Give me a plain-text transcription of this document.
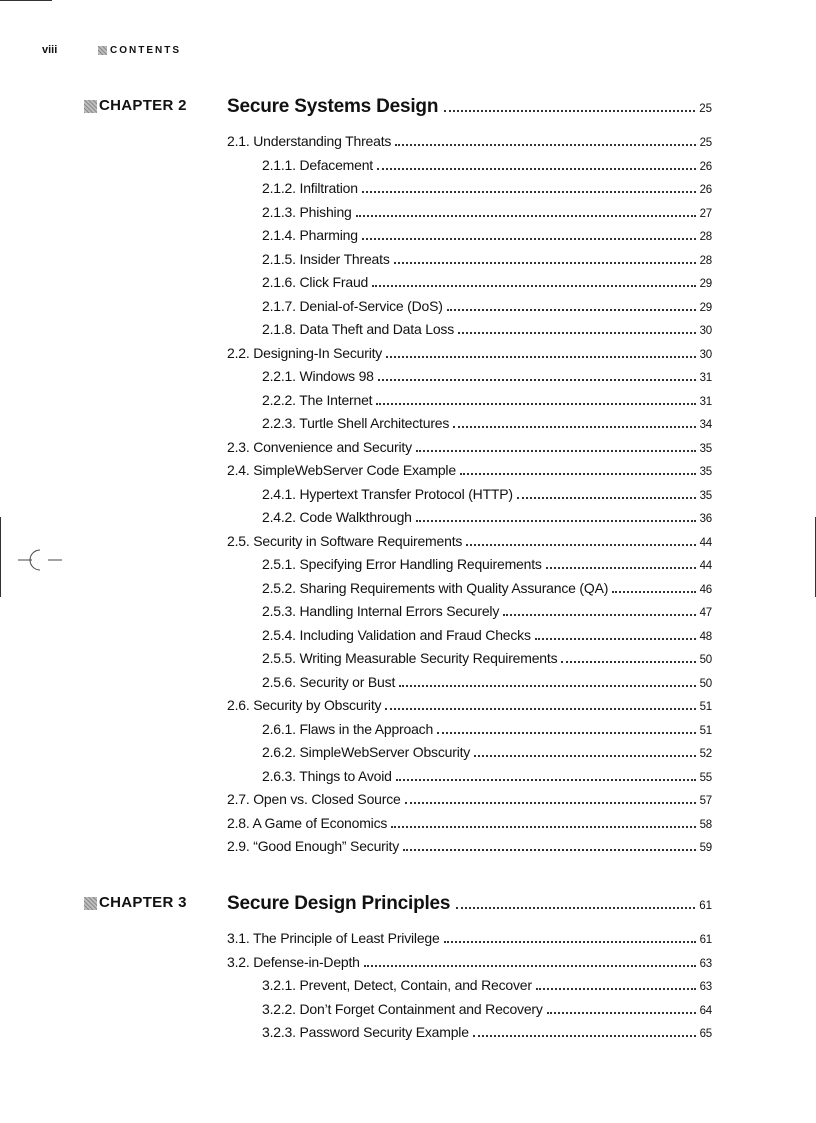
viii	CONTENTS
CHAPTER 2 Secure Systems Design	25
2.1. Understanding Threats	25
2.1.1. Defacement	26
2.1.2. Infiltration	26
2.1.3. Phishing	27
2.1.4. Pharming	28
2.1.5. Insider Threats	28
2.1.6. Click Fraud	29
2.1.7. Denial-of-Service (DoS)	29
2.1.8. Data Theft and Data Loss	30
2.2. Designing-In Security	30
2.2.1. Windows 98	31
2.2.2. The Internet	31
2.2.3. Turtle Shell Architectures	34
2.3. Convenience and Security	35
2.4. SimpleWebServer Code Example	35
2.4.1. Hypertext Transfer Protocol (HTTP)	35
2.4.2. Code Walkthrough	36
2.5. Security in Software Requirements	44
2.5.1. Specifying Error Handling Requirements	44
2.5.2. Sharing Requirements with Quality Assurance (QA)	46
2.5.3. Handling Internal Errors Securely	47
2.5.4. Including Validation and Fraud Checks	48
2.5.5. Writing Measurable Security Requirements	50
2.5.6. Security or Bust	50
2.6. Security by Obscurity	51
2.6.1. Flaws in the Approach	51
2.6.2. SimpleWebServer Obscurity	52
2.6.3. Things to Avoid	55
2.7. Open vs. Closed Source	57
2.8. A Game of Economics	58
2.9. “Good Enough” Security	59
CHAPTER 3 Secure Design Principles	61
3.1. The Principle of Least Privilege	61
3.2. Defense-in-Depth	63
3.2.1. Prevent, Detect, Contain, and Recover	63
3.2.2. Don’t Forget Containment and Recovery	64
3.2.3. Password Security Example	65
